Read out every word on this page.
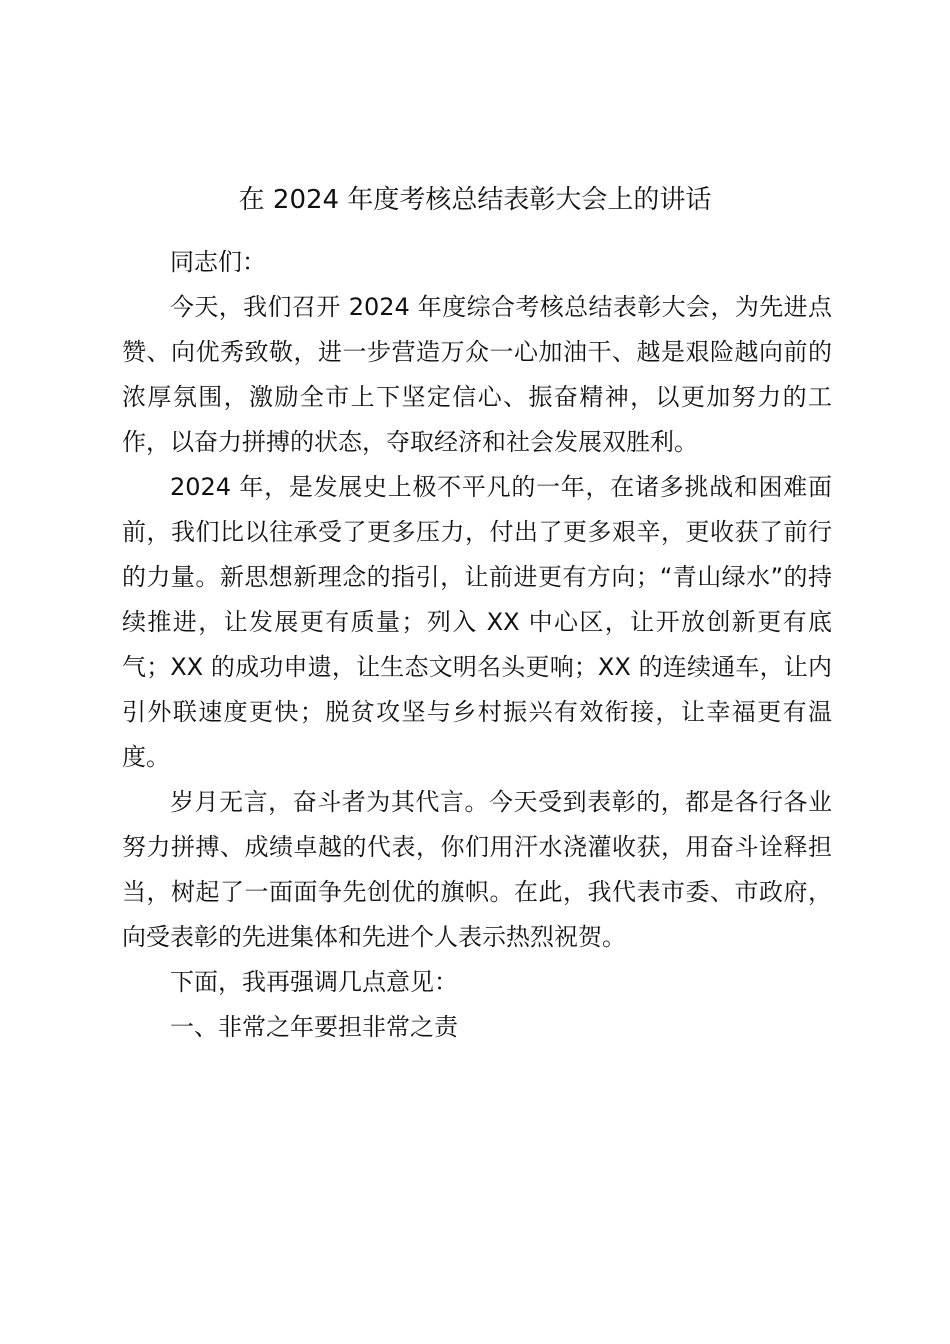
在 2024 年度考核总结表彰大会上的讲话

同志们：

今天，我们召开 2024 年度综合考核总结表彰大会，为先进点赞、向优秀致敬，进一步营造万众一心加油干、越是艰险越向前的浓厚氛围，激励全市上下坚定信心、振奋精神，以更加努力的工作，以奋力拼搏的状态，夺取经济和社会发展双胜利。

2024 年，是发展史上极不平凡的一年，在诸多挑战和困难面前，我们比以往承受了更多压力，付出了更多艰辛，更收获了前行的力量。新思想新理念的指引，让前进更有方向；“青山绿水”的持续推进，让发展更有质量；列入 XX 中心区，让开放创新更有底气；XX 的成功申遗，让生态文明名头更响；XX 的连续通车，让内引外联速度更快；脱贫攻坚与乡村振兴有效衔接，让幸福更有温度。

岁月无言，奋斗者为其代言。今天受到表彰的，都是各行各业努力拼搏、成绩卓越的代表，你们用汗水浇灌收获，用奋斗诠释担当，树起了一面面争先创优的旗帜。在此，我代表市委、市政府，向受表彰的先进集体和先进个人表示热烈祝贺。

下面，我再强调几点意见：

一、非常之年要担非常之责
